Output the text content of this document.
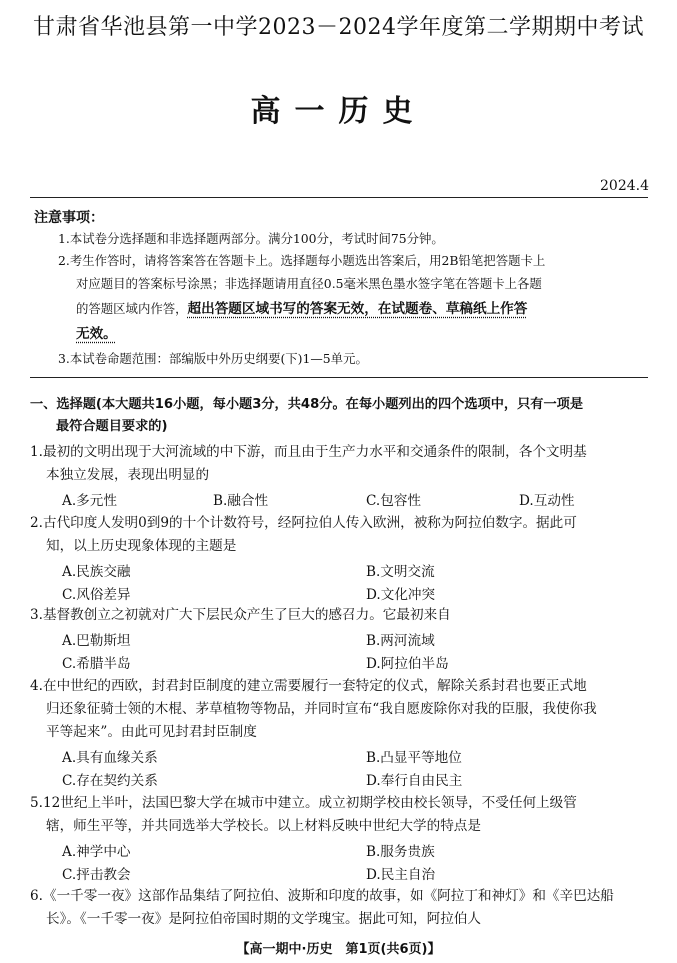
甘肃省华池县第一中学2023－2024学年度第二学期期中考试
高一历史
2024.4
注意事项：
1.本试卷分选择题和非选择题两部分。满分100分，考试时间75分钟。
2.考生作答时，请将答案答在答题卡上。选择题每小题选出答案后，用2B铅笔把答题卡上
对应题目的答案标号涂黑；非选择题请用直径0.5毫米黑色墨水签字笔在答题卡上各题
的答题区域内作答，超出答题区域书写的答案无效，在试题卷、草稿纸上作答
无效。
3.本试卷命题范围：部编版中外历史纲要(下)1—5单元。
一、选择题(本大题共16小题，每小题3分，共48分。在每小题列出的四个选项中，只有一项是
最符合题目要求的)
1.最初的文明出现于大河流域的中下游，而且由于生产力水平和交通条件的限制，各个文明基
本独立发展，表现出明显的
A.多元性	B.融合性	C.包容性	D.互动性
2.古代印度人发明0到9的十个计数符号，经阿拉伯人传入欧洲，被称为阿拉伯数字。据此可
知，以上历史现象体现的主题是
A.民族交融	B.文明交流
C.风俗差异	D.文化冲突
3.基督教创立之初就对广大下层民众产生了巨大的感召力。它最初来自
A.巴勒斯坦	B.两河流域
C.希腊半岛	D.阿拉伯半岛
4.在中世纪的西欧，封君封臣制度的建立需要履行一套特定的仪式，解除关系封君也要正式地
归还象征骑士领的木棍、茅草植物等物品，并同时宣布“我自愿废除你对我的臣服，我使你我
平等起来”。由此可见封君封臣制度
A.具有血缘关系	B.凸显平等地位
C.存在契约关系	D.奉行自由民主
5.12世纪上半叶，法国巴黎大学在城市中建立。成立初期学校由校长领导，不受任何上级管
辖，师生平等，并共同选举大学校长。以上材料反映中世纪大学的特点是
A.神学中心	B.服务贵族
C.抨击教会	D.民主自治
6.《一千零一夜》这部作品集结了阿拉伯、波斯和印度的故事，如《阿拉丁和神灯》和《辛巴达船
长》。《一千零一夜》是阿拉伯帝国时期的文学瑰宝。据此可知，阿拉伯人
【高一期中·历史　第1页(共6页)】
